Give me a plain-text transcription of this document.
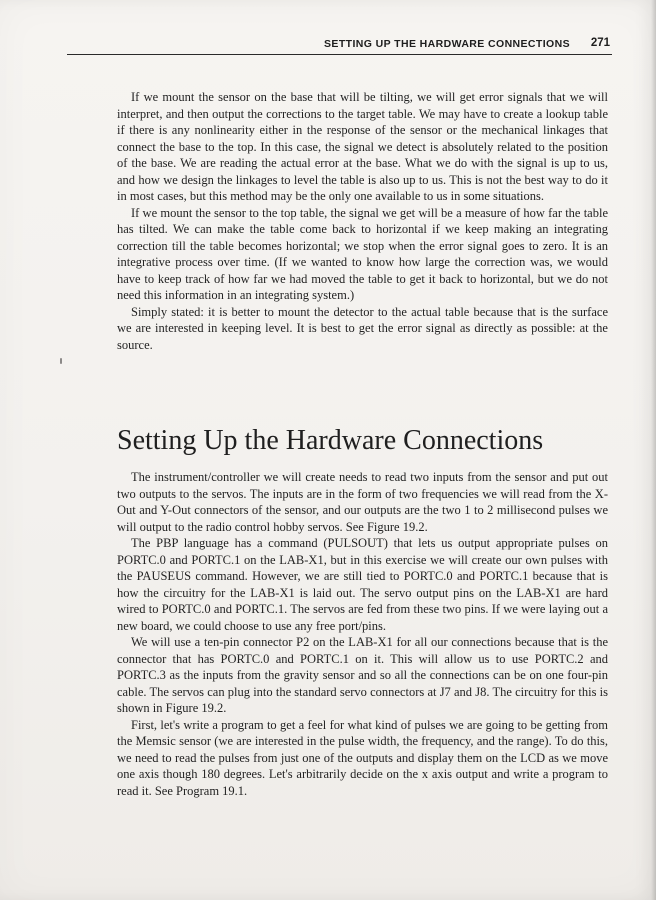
SETTING UP THE HARDWARE CONNECTIONS 271

If we mount the sensor on the base that will be tilting, we will get error signals that we will interpret, and then output the corrections to the target table. We may have to create a lookup table if there is any nonlinearity either in the response of the sensor or the mechanical linkages that connect the base to the top. In this case, the signal we detect is absolutely related to the position of the base. We are reading the actual error at the base. What we do with the signal is up to us, and how we design the linkages to level the table is also up to us. This is not the best way to do it in most cases, but this method may be the only one available to us in some situations.

If we mount the sensor to the top table, the signal we get will be a measure of how far the table has tilted. We can make the table come back to horizontal if we keep making an integrating correction till the table becomes horizontal; we stop when the error signal goes to zero. It is an integrative process over time. (If we wanted to know how large the correction was, we would have to keep track of how far we had moved the table to get it back to horizontal, but we do not need this information in an integrating system.)

Simply stated: it is better to mount the detector to the actual table because that is the surface we are interested in keeping level. It is best to get the error signal as directly as possible: at the source.

Setting Up the Hardware Connections

The instrument/controller we will create needs to read two inputs from the sensor and put out two outputs to the servos. The inputs are in the form of two frequencies we will read from the X-Out and Y-Out connectors of the sensor, and our outputs are the two 1 to 2 millisecond pulses we will output to the radio control hobby servos. See Figure 19.2.

The PBP language has a command (PULSOUT) that lets us output appropriate pulses on PORTC.0 and PORTC.1 on the LAB-X1, but in this exercise we will create our own pulses with the PAUSEUS command. However, we are still tied to PORTC.0 and PORTC.1 because that is how the circuitry for the LAB-X1 is laid out. The servo output pins on the LAB-X1 are hard wired to PORTC.0 and PORTC.1. The servos are fed from these two pins. If we were laying out a new board, we could choose to use any free port/pins.

We will use a ten-pin connector P2 on the LAB-X1 for all our connections because that is the connector that has PORTC.0 and PORTC.1 on it. This will allow us to use PORTC.2 and PORTC.3 as the inputs from the gravity sensor and so all the connections can be on one four-pin cable. The servos can plug into the standard servo connectors at J7 and J8. The circuitry for this is shown in Figure 19.2.

First, let's write a program to get a feel for what kind of pulses we are going to be getting from the Memsic sensor (we are interested in the pulse width, the frequency, and the range). To do this, we need to read the pulses from just one of the outputs and display them on the LCD as we move one axis though 180 degrees. Let's arbitrarily decide on the x axis output and write a program to read it. See Program 19.1.
